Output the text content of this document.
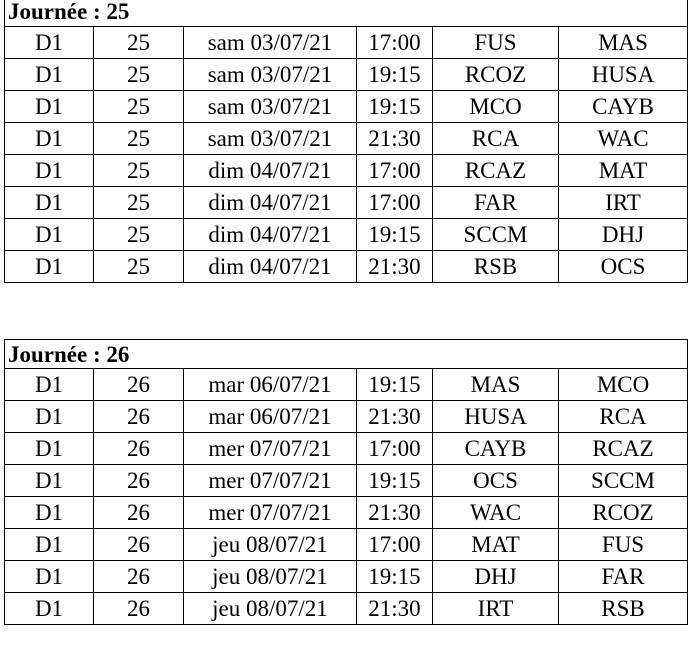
Journée : 25					
D1	25	sam 03/07/21	17:00	FUS	MAS
D1	25	sam 03/07/21	19:15	RCOZ	HUSA
D1	25	sam 03/07/21	19:15	MCO	CAYB
D1	25	sam 03/07/21	21:30	RCA	WAC
D1	25	dim 04/07/21	17:00	RCAZ	MAT
D1	25	dim 04/07/21	17:00	FAR	IRT
D1	25	dim 04/07/21	19:15	SCCM	DHJ
D1	25	dim 04/07/21	21:30	RSB	OCS
Journée : 26					
D1	26	mar 06/07/21	19:15	MAS	MCO
D1	26	mar 06/07/21	21:30	HUSA	RCA
D1	26	mer 07/07/21	17:00	CAYB	RCAZ
D1	26	mer 07/07/21	19:15	OCS	SCCM
D1	26	mer 07/07/21	21:30	WAC	RCOZ
D1	26	jeu 08/07/21	17:00	MAT	FUS
D1	26	jeu 08/07/21	19:15	DHJ	FAR
D1	26	jeu 08/07/21	21:30	IRT	RSB
